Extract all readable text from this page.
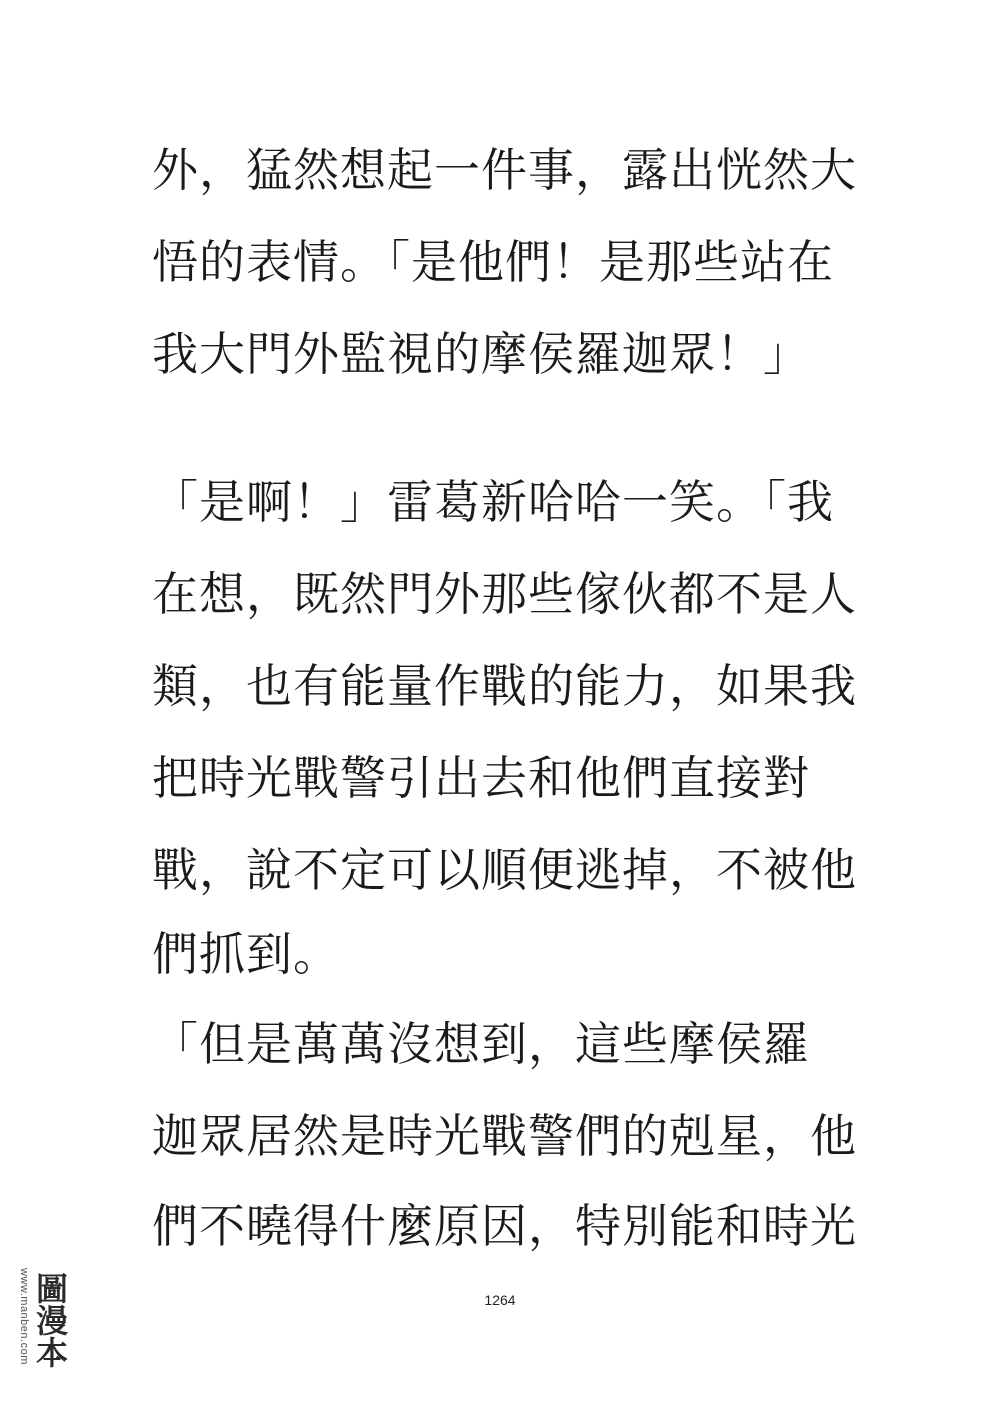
外，猛然想起一件事，露出恍然大
悟的表情。「是他們！是那些站在
我大門外監視的摩侯羅迦眾！」
「是啊！」雷葛新哈哈一笑。「我
在想，既然門外那些傢伙都不是人
類，也有能量作戰的能力，如果我
把時光戰警引出去和他們直接對
戰，說不定可以順便逃掉，不被他
們抓到。
「但是萬萬沒想到，這些摩侯羅
迦眾居然是時光戰警們的剋星，他
們不曉得什麼原因，特別能和時光
1264
www.manben.com 圖漫本
